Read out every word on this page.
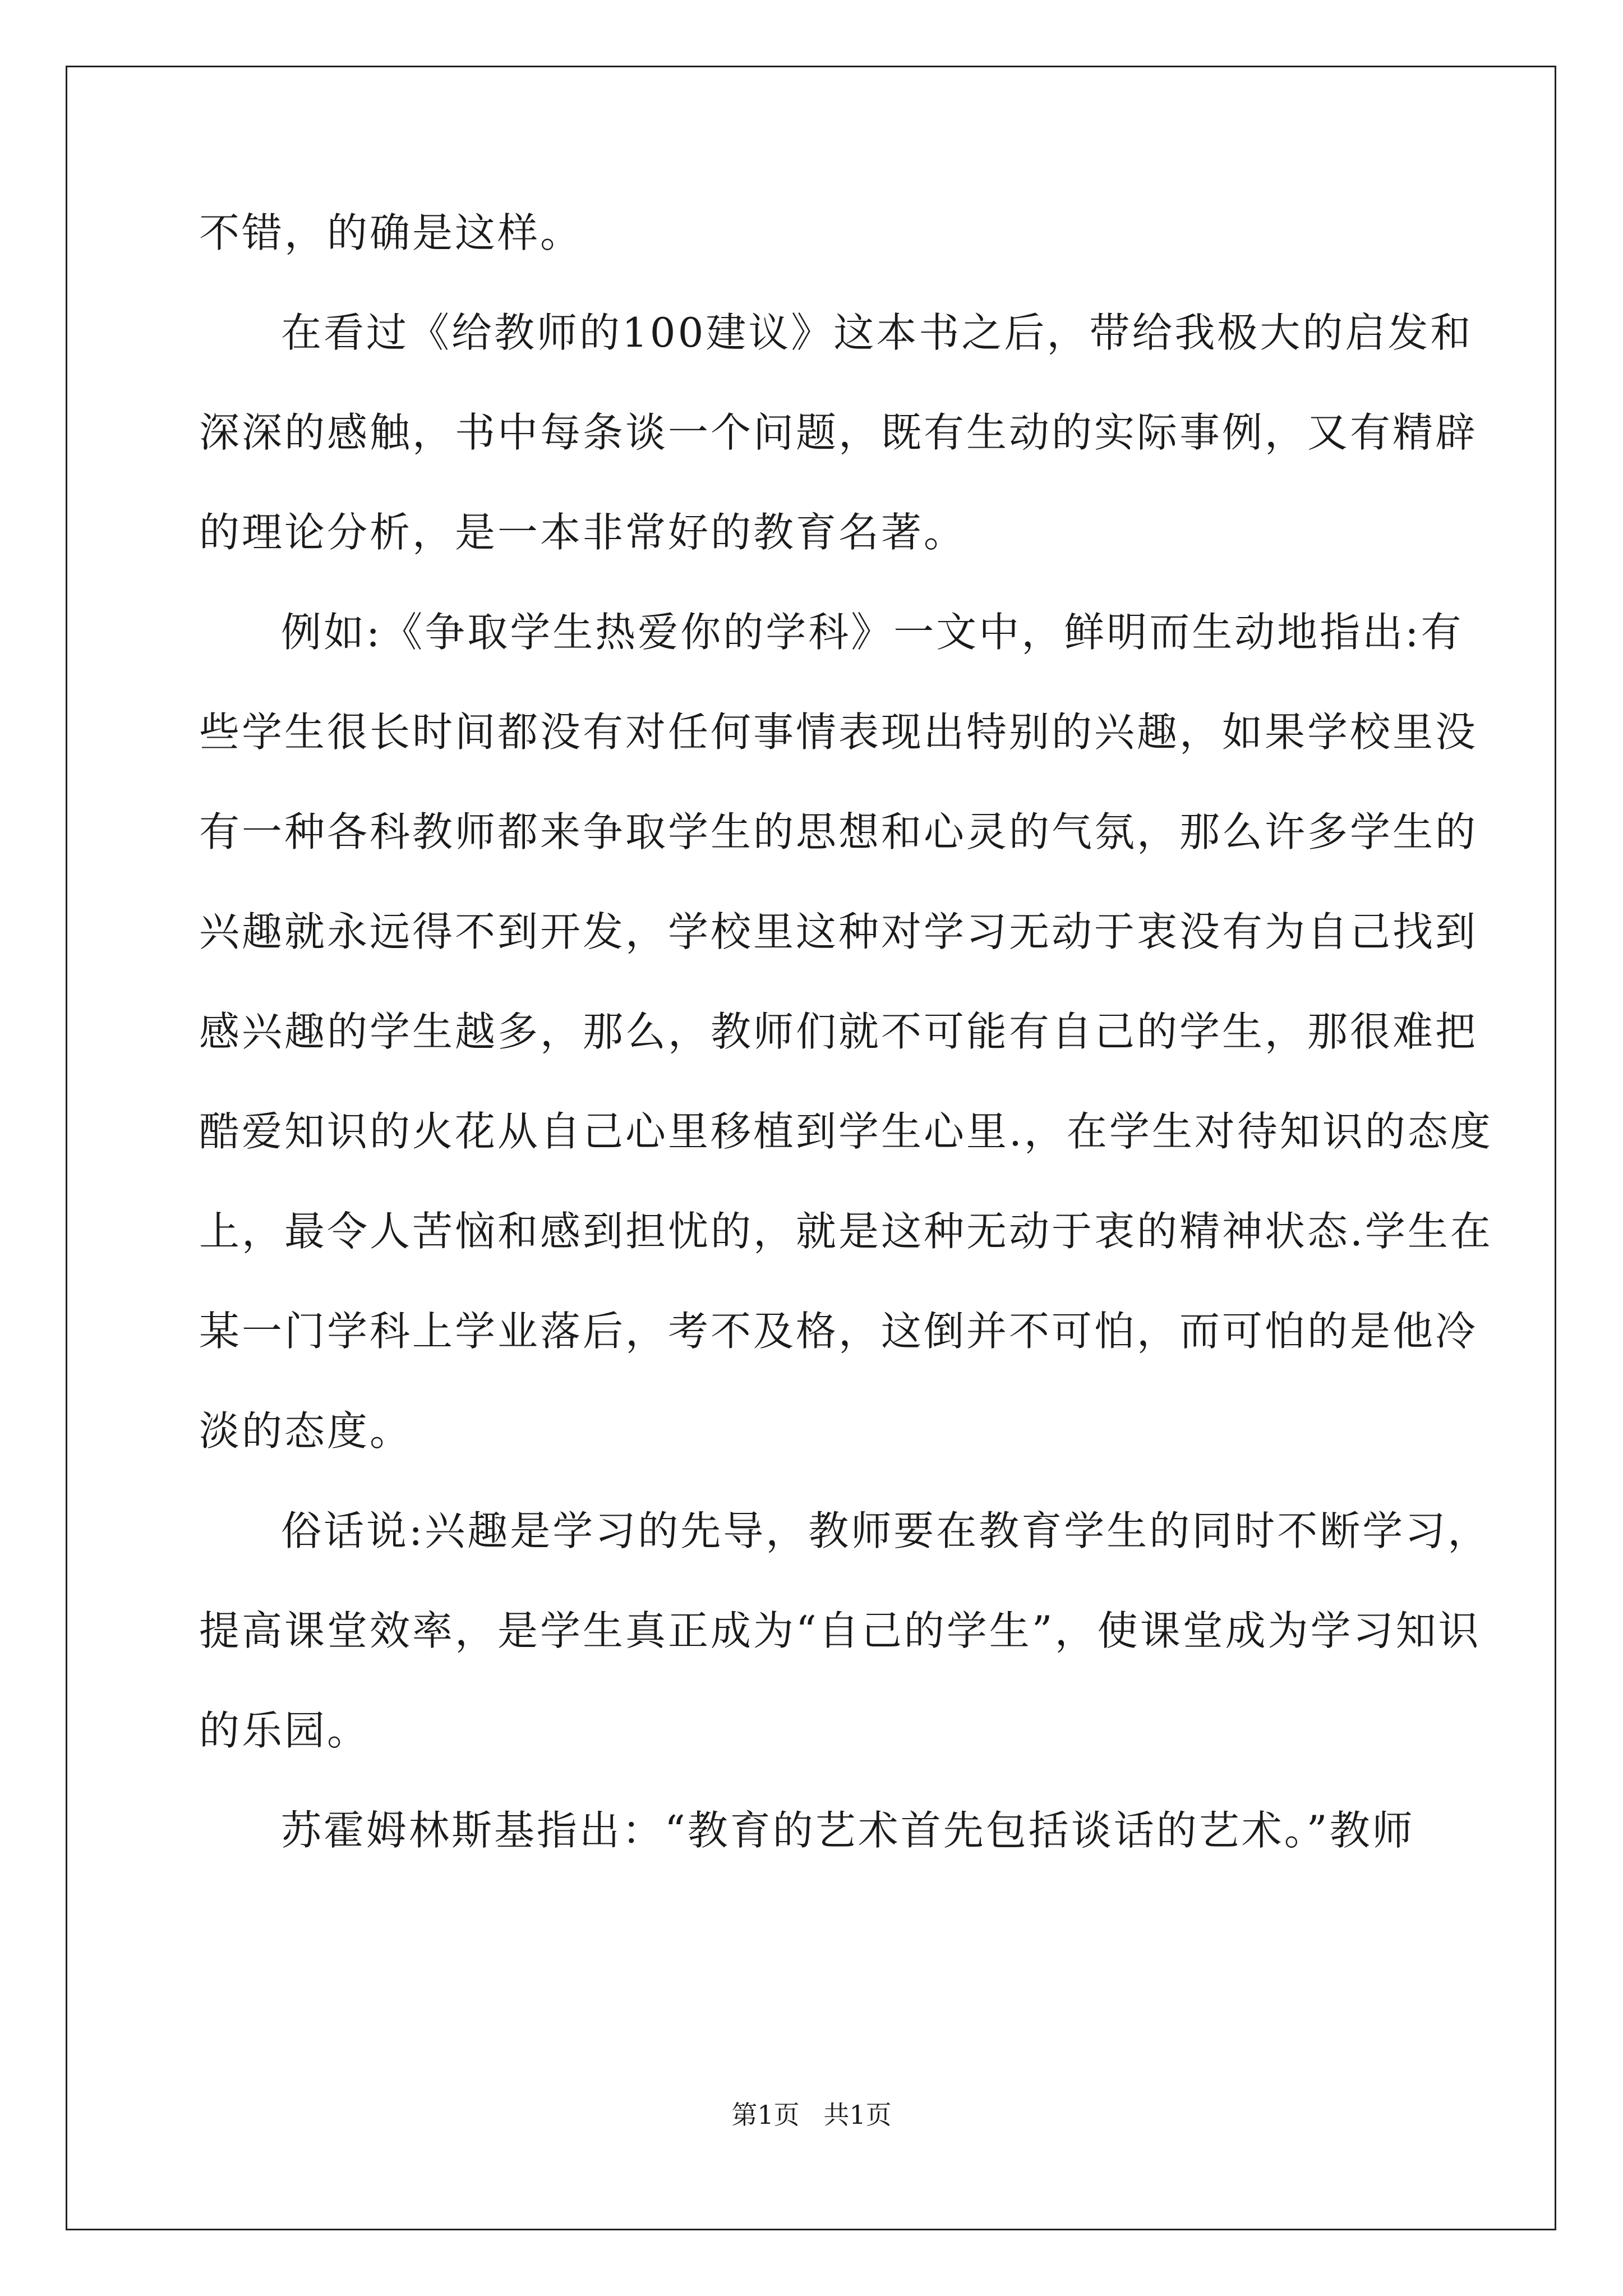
不错，的确是这样。
在看过《给教师的100建议》这本书之后，带给我极大的启发和
深深的感触，书中每条谈一个问题，既有生动的实际事例，又有精辟
的理论分析，是一本非常好的教育名著。
例如:《争取学生热爱你的学科》一文中，鲜明而生动地指出:有
些学生很长时间都没有对任何事情表现出特别的兴趣，如果学校里没
有一种各科教师都来争取学生的思想和心灵的气氛，那么许多学生的
兴趣就永远得不到开发，学校里这种对学习无动于衷没有为自己找到
感兴趣的学生越多，那么，教师们就不可能有自己的学生，那很难把
酷爱知识的火花从自己心里移植到学生心里.，在学生对待知识的态度
上，最令人苦恼和感到担忧的，就是这种无动于衷的精神状态.学生在
某一门学科上学业落后，考不及格，这倒并不可怕，而可怕的是他冷
淡的态度。
俗话说:兴趣是学习的先导，教师要在教育学生的同时不断学习，
提高课堂效率，是学生真正成为“自己的学生”，使课堂成为学习知识
的乐园。
苏霍姆林斯基指出：“教育的艺术首先包括谈话的艺术。”教师
第1页 共1页
